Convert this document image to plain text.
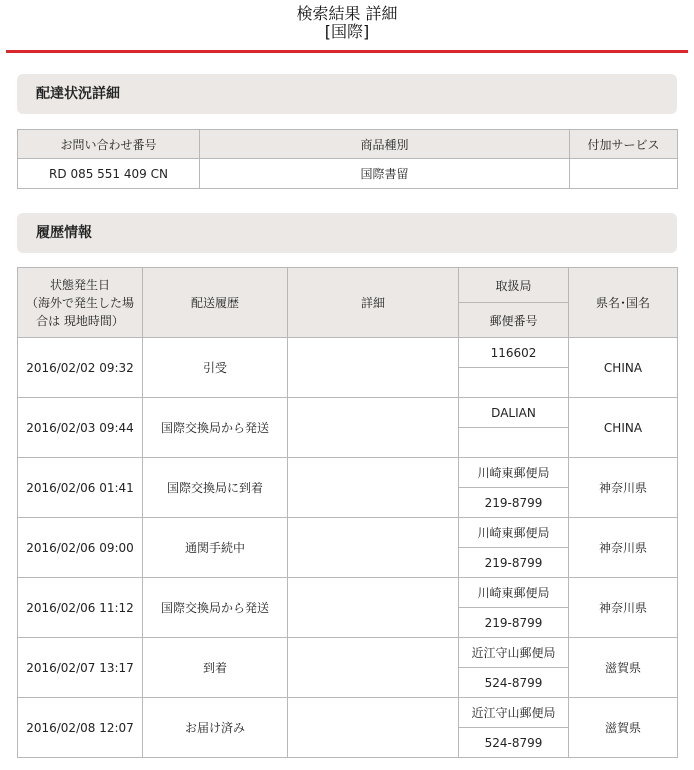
検索結果 詳細
[国際]
配達状況詳細
お問い合わせ番号	商品種別	付加サービス
RD 085 551 409 CN	国際書留	
履歴情報
状態発生日
（海外で発生した場
合は 現地時間）	配送履歴	詳細	取扱局	県名･国名
			郵便番号	
2016/02/02 09:32	引受		116602	CHINA

2016/02/03 09:44	国際交換局から発送		DALIAN	CHINA

2016/02/06 01:41	国際交換局に到着		川崎東郵便局	神奈川県
			219-8799	
2016/02/06 09:00	通関手続中		川崎東郵便局	神奈川県
			219-8799	
2016/02/06 11:12	国際交換局から発送		川崎東郵便局	神奈川県
			219-8799	
2016/02/07 13:17	到着		近江守山郵便局	滋賀県
			524-8799	
2016/02/08 12:07	お届け済み		近江守山郵便局	滋賀県
			524-8799	
